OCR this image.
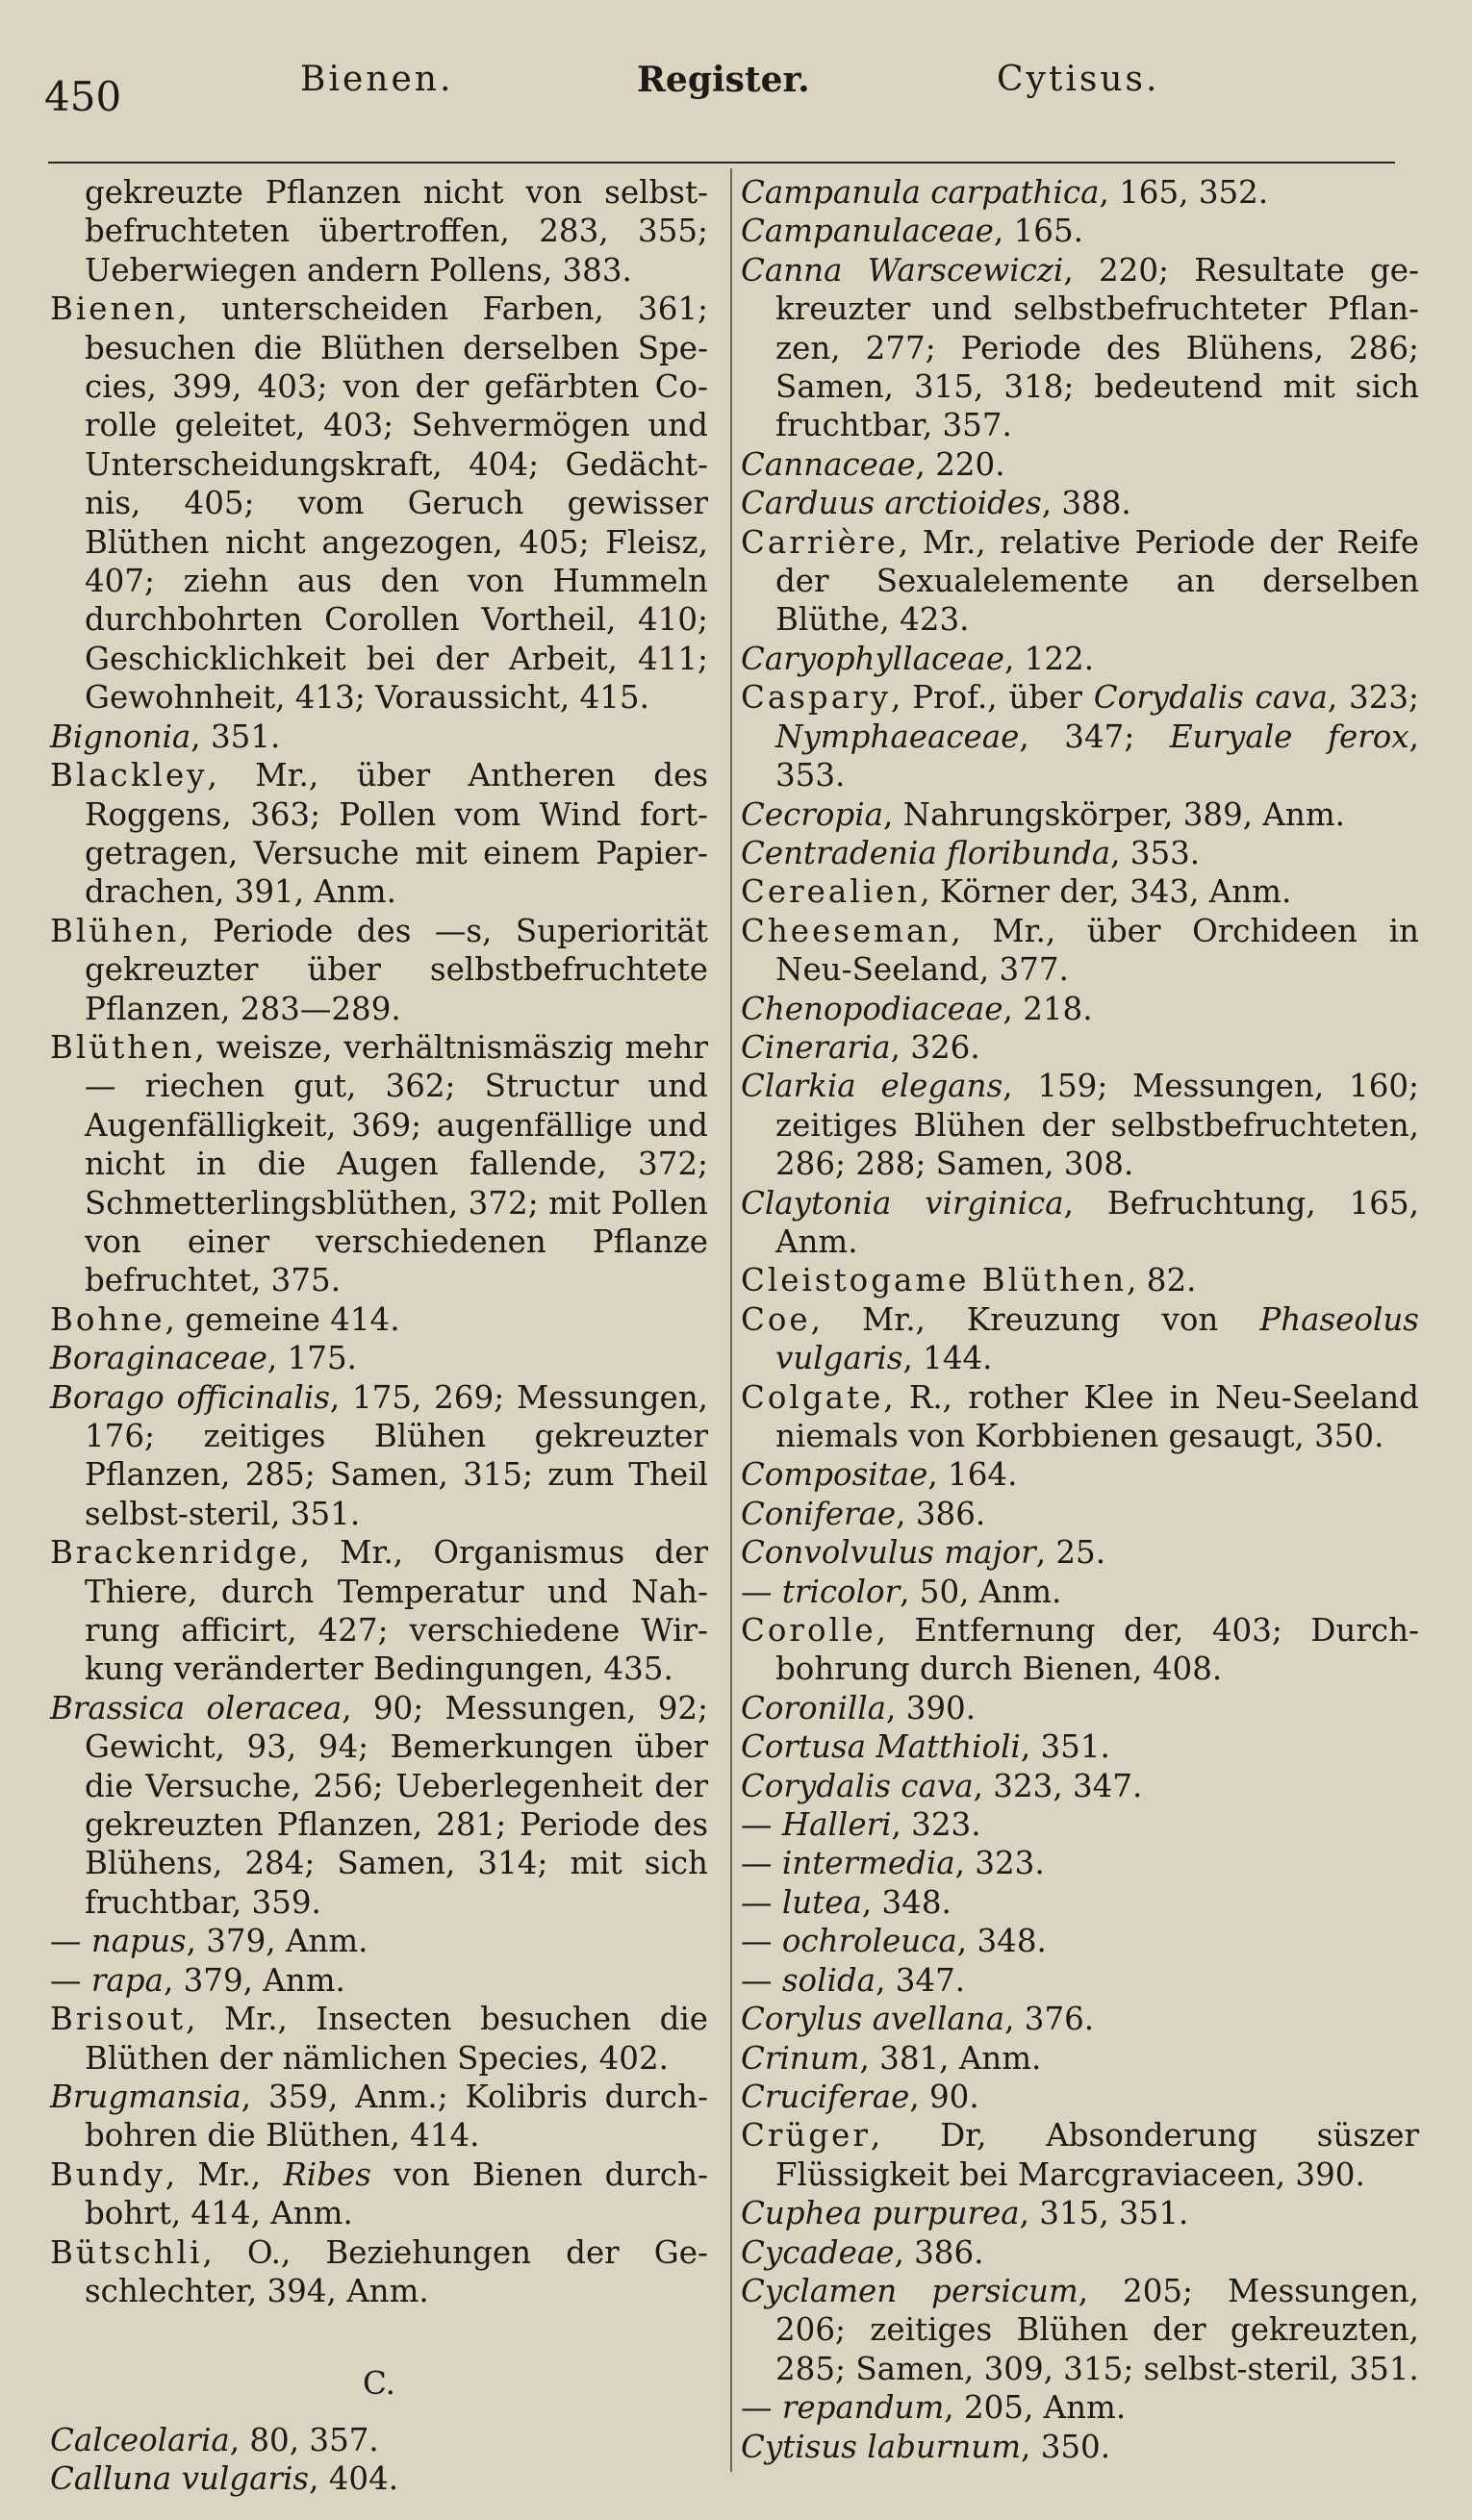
450	Bienen.	Register.	Cytisus.
gekreuzte Pflanzen nicht von selbstbefruchteten übertroffen, 283, 355; Ueberwiegen andern Pollens, 383.
Bienen, unterscheiden Farben, 361; besuchen die Blüthen derselben Species, 399, 403; von der gefärbten Corolle geleitet, 403; Sehvermögen und Unterscheidungskraft, 404; Gedächtnis, 405; vom Geruch gewisser Blüthen nicht angezogen, 405; Fleisz, 407; ziehn aus den von Hummeln durchbohrten Corollen Vortheil, 410; Geschicklichkeit bei der Arbeit, 411; Gewohnheit, 413; Voraussicht, 415.
Bignonia, 351.
Blackley, Mr., über Antheren des Roggens, 363; Pollen vom Wind fortgetragen, Versuche mit einem Papierdrachen, 391, Anm.
Blühen, Periode des —s, Superiorität gekreuzter über selbstbefruchtete Pflanzen, 283—289.
Blüthen, weisze, verhältnismäszig mehr — riechen gut, 362; Structur und Augenfälligkeit, 369; augenfällige und nicht in die Augen fallende, 372; Schmetterlingsblüthen, 372; mit Pollen von einer verschiedenen Pflanze befruchtet, 375.
Bohne, gemeine 414.
Boraginaceae, 175.
Borago officinalis, 175, 269; Messungen, 176; zeitiges Blühen gekreuzter Pflanzen, 285; Samen, 315; zum Theil selbst-steril, 351.
Brackenridge, Mr., Organismus der Thiere, durch Temperatur und Nahrung afficirt, 427; verschiedene Wirkung veränderter Bedingungen, 435.
Brassica oleracea, 90; Messungen, 92; Gewicht, 93, 94; Bemerkungen über die Versuche, 256; Ueberlegenheit der gekreuzten Pflanzen, 281; Periode des Blühens, 284; Samen, 314; mit sich fruchtbar, 359.
— napus, 379, Anm.
— rapa, 379, Anm.
Brisout, Mr., Insecten besuchen die Blüthen der nämlichen Species, 402.
Brugmansia, 359, Anm.; Kolibris durchbohren die Blüthen, 414.
Bundy, Mr., Ribes von Bienen durchbohrt, 414, Anm.
Bütschli, O., Beziehungen der Geschlechter, 394, Anm.
C.
Calceolaria, 80, 357.
Calluna vulgaris, 404.
Campanula carpathica, 165, 352.
Campanulaceae, 165.
Canna Warscewiczi, 220; Resultate gekreuzter und selbstbefruchteter Pflanzen, 277; Periode des Blühens, 286; Samen, 315, 318; bedeutend mit sich fruchtbar, 357.
Cannaceae, 220.
Carduus arctioides, 388.
Carrière, Mr., relative Periode der Reife der Sexualelemente an derselben Blüthe, 423.
Caryophyllaceae, 122.
Caspary, Prof., über Corydalis cava, 323; Nymphaeaceae, 347; Euryale ferox, 353.
Cecropia, Nahrungskörper, 389, Anm.
Centradenia floribunda, 353.
Cerealien, Körner der, 343, Anm.
Cheeseman, Mr., über Orchideen in Neu-Seeland, 377.
Chenopodiaceae, 218.
Cineraria, 326.
Clarkia elegans, 159; Messungen, 160; zeitiges Blühen der selbstbefruchteten, 286; 288; Samen, 308.
Claytonia virginica, Befruchtung, 165, Anm.
Cleistogame Blüthen, 82.
Coe, Mr., Kreuzung von Phaseolus vulgaris, 144.
Colgate, R., rother Klee in Neu-Seeland niemals von Korbbienen gesaugt, 350.
Compositae, 164.
Coniferae, 386.
Convolvulus major, 25.
— tricolor, 50, Anm.
Corolle, Entfernung der, 403; Durchbohrung durch Bienen, 408.
Coronilla, 390.
Cortusa Matthioli, 351.
Corydalis cava, 323, 347.
— Halleri, 323.
— intermedia, 323.
— lutea, 348.
— ochroleuca, 348.
— solida, 347.
Corylus avellana, 376.
Crinum, 381, Anm.
Cruciferae, 90.
Crüger, Dr, Absonderung süszer Flüssigkeit bei Marcgraviaceen, 390.
Cuphea purpurea, 315, 351.
Cycadeae, 386.
Cyclamen persicum, 205; Messungen, 206; zeitiges Blühen der gekreuzten, 285; Samen, 309, 315; selbst-steril, 351.
— repandum, 205, Anm.
Cytisus laburnum, 350.
